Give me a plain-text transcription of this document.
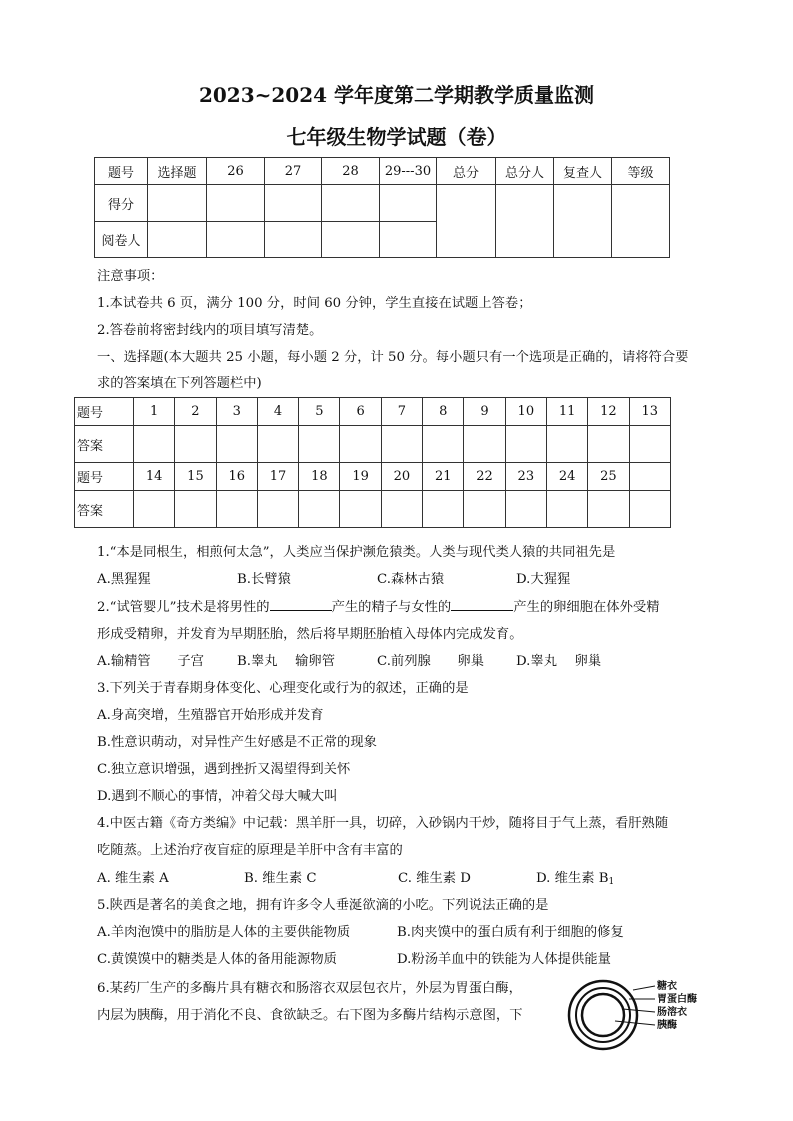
2023~2024 学年度第二学期教学质量监测
七年级生物学试题（卷）
题号	选择题	26	27	28	29---30	总分	总分人	复查人	等级
得分									
阅卷人									
注意事项：
1.本试卷共 6 页，满分 100 分，时间 60 分钟，学生直接在试题上答卷；
2.答卷前将密封线内的项目填写清楚。
一、选择题(本大题共 25 小题，每小题 2 分，计 50 分。每小题只有一个选项是正确的，请将符合要
求的答案填在下列答题栏中)
题号	1	2	3	4	5	6	7	8	9	10	11	12	13
答案													
题号	14	15	16	17	18	19	20	21	22	23	24	25	
答案													
1.“本是同根生，相煎何太急”，人类应当保护濒危猿类。人类与现代类人猿的共同祖先是
A.黑猩猩	B.长臂猿	C.森林古猿	D.大猩猩
2.“试管婴儿”技术是将男性的	产生的精子与女性的	产生的卵细胞在体外受精
形成受精卵，并发育为早期胚胎，然后将早期胚胎植入母体内完成发育。
A.输精管　　子宫 B.睾丸　 输卵管	C.前列腺　　卵巢 D.睾丸　 卵巢
3.下列关于青春期身体变化、心理变化或行为的叙述，正确的是
A.身高突增，生殖器官开始形成并发育
B.性意识萌动，对异性产生好感是不正常的现象
C.独立意识增强，遇到挫折又渴望得到关怀
D.遇到不顺心的事情，冲着父母大喊大叫
4.中医古籍《奇方类编》中记载：黑羊肝一具，切碎，入砂锅内干炒，随将目于气上蒸，看肝熟随
吃随蒸。上述治疗夜盲症的原理是羊肝中含有丰富的
A. 维生素 A	B. 维生素 C	C. 维生素 D	D. 维生素 $B_1$
5.陕西是著名的美食之地，拥有许多令人垂涎欲滴的小吃。下列说法正确的是
A.羊肉泡馍中的脂肪是人体的主要供能物质	B.肉夹馍中的蛋白质有利于细胞的修复
C.黄馍馍中的糖类是人体的备用能源物质	D.粉汤羊血中的铁能为人体提供能量
6.某药厂生产的多酶片具有糖衣和肠溶衣双层包衣片，外层为胃蛋白酶，
内层为胰酶，用于消化不良、食欲缺乏。右下图为多酶片结构示意图，下
糖衣
胃蛋白酶
肠溶衣
胰酶
